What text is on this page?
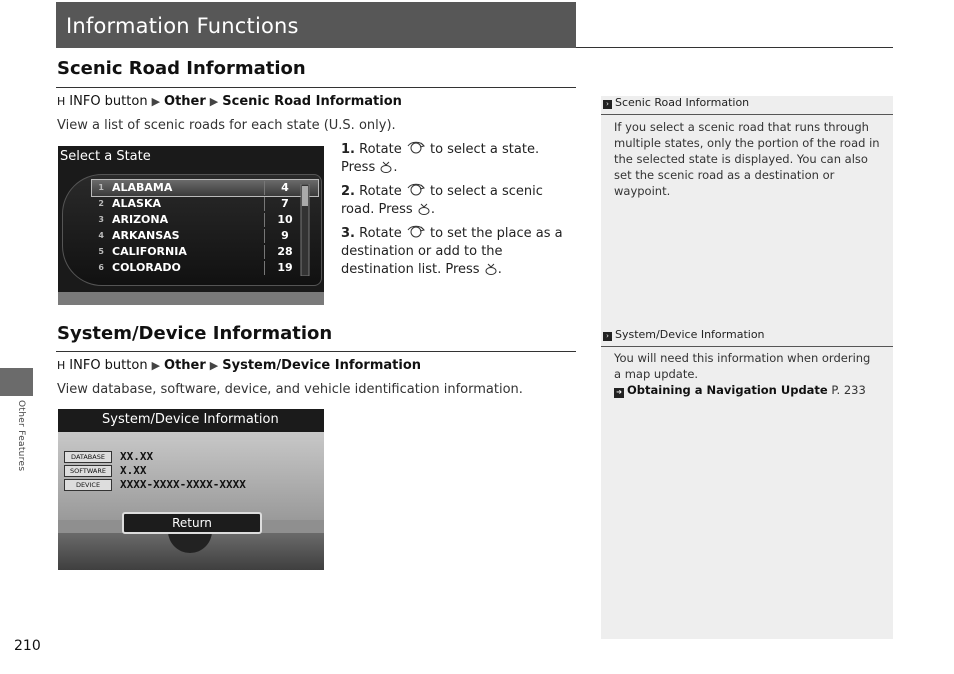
Information Functions
Other Features
210
Scenic Road Information
H INFO button ▶ Other ▶ Scenic Road Information
View a list of scenic roads for each state (U.S. only).
Select a State
1 ALABAMA	4
2 ALASKA	7
3 ARIZONA	10
4 ARKANSAS	9
5 CALIFORNIA	28
6 COLORADO	19
1. Rotate to select a state. Press .
2. Rotate to select a scenic road. Press .
3. Rotate to set the place as a destination or add to the destination list. Press .
System/Device Information
H INFO button ▶ Other ▶ System/Device Information
View database, software, device, and vehicle identification information.
System/Device Information
DATABASE XX.XX
SOFTWARE X.XX
DEVICE XXXX-XXXX-XXXX-XXXX
Return
› Scenic Road Information
If you select a scenic road that runs through multiple states, only the portion of the road in the selected state is displayed. You can also set the scenic road as a destination or waypoint.
› System/Device Information
You will need this information when ordering a map update.
➜ Obtaining a Navigation Update P. 233
